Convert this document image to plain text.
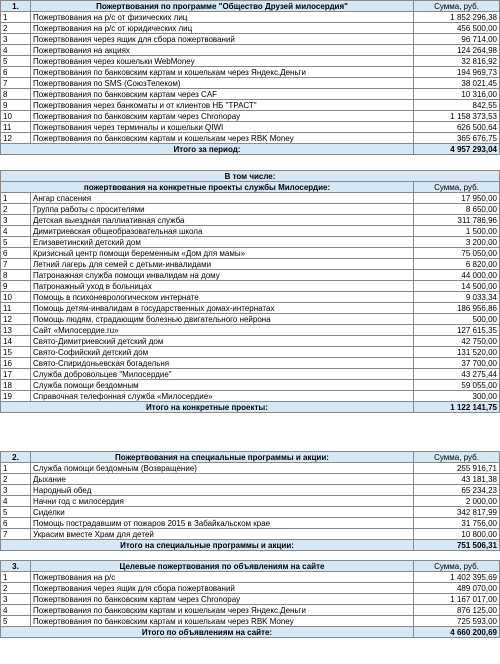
1.	Пожертвования по программе "Общество Друзей милосердия"	Сумма, руб.
1	Пожертвования на р/с от физических лиц	1 852 296,38
2	Пожертвования на р/с от юридических лиц	456 500,00
3	Пожертвования через ящик для сбора пожертвований	96 714,00
4	Пожертвования на акциях	124 264,98
5	Пожертвования через кошельки WebMoney	32 816,92
6	Пожертвования по банковским картам и кошелькам через Яндекс.Деньги	194 969,73
7	Пожертвования по SMS (СоюзТелеком)	38 021,45
8	Пожертвования по банковским картам через CAF	10 316,00
9	Пожертвования через банкоматы и от клиентов НБ "ТРАСТ"	842,55
10	Пожертвования по банковским картам через Chronopay	1 158 373,53
11	Пожертвования через терминалы и кошельки QIWI	626 500,64
12	Пожертвования по банковским картам и кошелькам через RBK Money	365 676,75
Итого за период:		4 957 293,04
В том числе:		
пожертвования на конкретные проекты службы Милосердие:		Сумма, руб.
1	Ангар спасения	17 950,00
2	Группа работы с просителями	8 650,00
3	Детская выездная паллиативная служба	311 786,96
4	Димитриевская общеобразовательная школа	1 500,00
5	Елизаветинский детский дом	3 200,00
6	Кризисный центр помощи беременным «Дом для мамы»	75 050,00
7	Летний лагерь для семей с детьми-инвалидами	6 820,00
8	Патронажная служба помощи инвалидам на дому	44 000,00
9	Патронажный уход в больницах	14 500,00
10	Помощь в психоневрологическом интернате	9 033,34
11	Помощь детям-инвалидам в государственных домах-интернатах	186 956,86
12	Помощь людям, страдающим болезнью двигательного нейрона	500,00
13	Сайт «Милосердие.ru»	127 615,35
14	Свято-Димитриевский детский дом	42 750,00
15	Свято-Софийский детский дом	131 520,00
16	Свято-Спиридоньевская богадельня	37 700,00
17	Служба добровольцев "Милосердие"	43 275,44
18	Служба помощи бездомным	59 055,00
19	Справочная телефонная служба «Милосердие»	300,00
Итого на конкретные проекты:		1 122 141,75
2.	Пожертвования на специальные программы и акции:	Сумма, руб.
1	Служба помощи бездомным (Возвращение)	255 916,71
2	Дыхание	43 181,38
3	Народный обед	65 234,23
4	Начни год с милосердия	2 000,00
5	Сиделки	342 817,99
6	Помощь пострадавшим от пожаров 2015 в Забайкальском крае	31 756,00
7	Украсим вместе Храм для детей	10 800,00
Итого на специальные программы и акции:		751 506,31
3.	Целевые пожертвования по объявлениям на сайте	Сумма, руб.
1	Пожертвования на р/с	1 402 395,69
2	Пожертвования через ящик для сбора пожертвований	489 070,00
3	Пожертвования по банковским картам через Chronopay	1 167 017,00
4	Пожертвования по банковским картам и кошелькам через Яндекс.Деньги	876 125,00
5	Пожертвования по банковским картам и кошелькам через RBK Money	725 593,00
Итого по объявлениям на сайте:		4 660 200,69
